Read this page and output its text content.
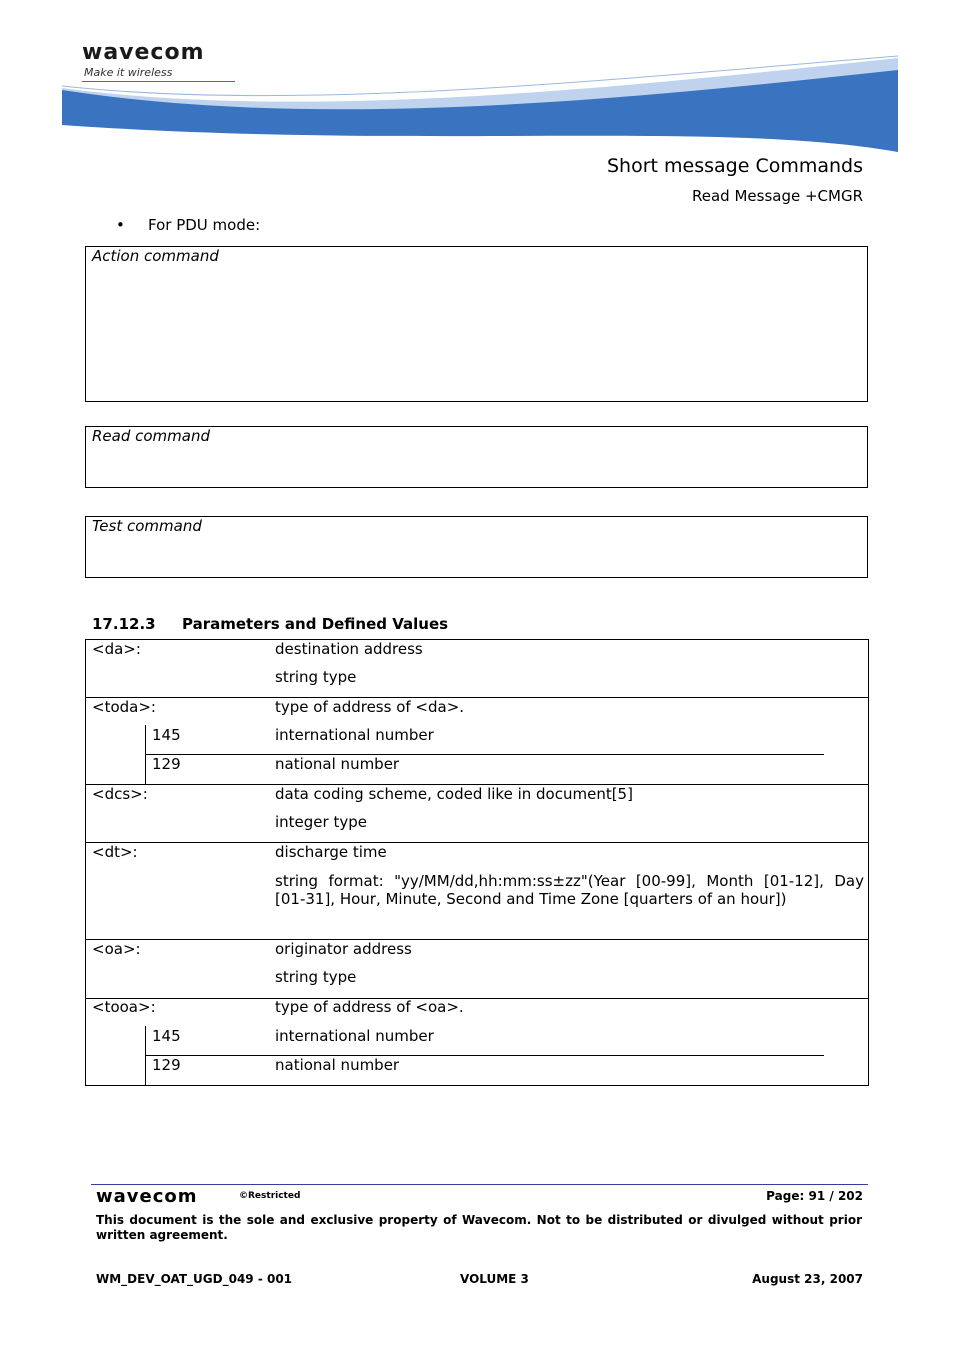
wavecom
Make it wireless
Short message Commands
Read Message +CMGR
• For PDU mode:
Action command
Read command
Test command
17.12.3 Parameters and Defined Values
<da>:	destination address
string type
<toda>:	type of address of <da>.
145	international number
129	national number
<dcs>:	data coding scheme, coded like in document[5]
integer type
<dt>:	discharge time
string format: "yy/MM/dd,hh:mm:ss±zz"(Year [00-99], Month [01-12], Day [01-31], Hour, Minute, Second and Time Zone [quarters of an hour])
<oa>:	originator address
string type
<tooa>:	type of address of <oa>.
145	international number
129	national number
wavecom	©Restricted	Page: 91 / 202
This document is the sole and exclusive property of Wavecom. Not to be distributed or divulged without prior written agreement.
WM_DEV_OAT_UGD_049 - 001	VOLUME 3	August 23, 2007
